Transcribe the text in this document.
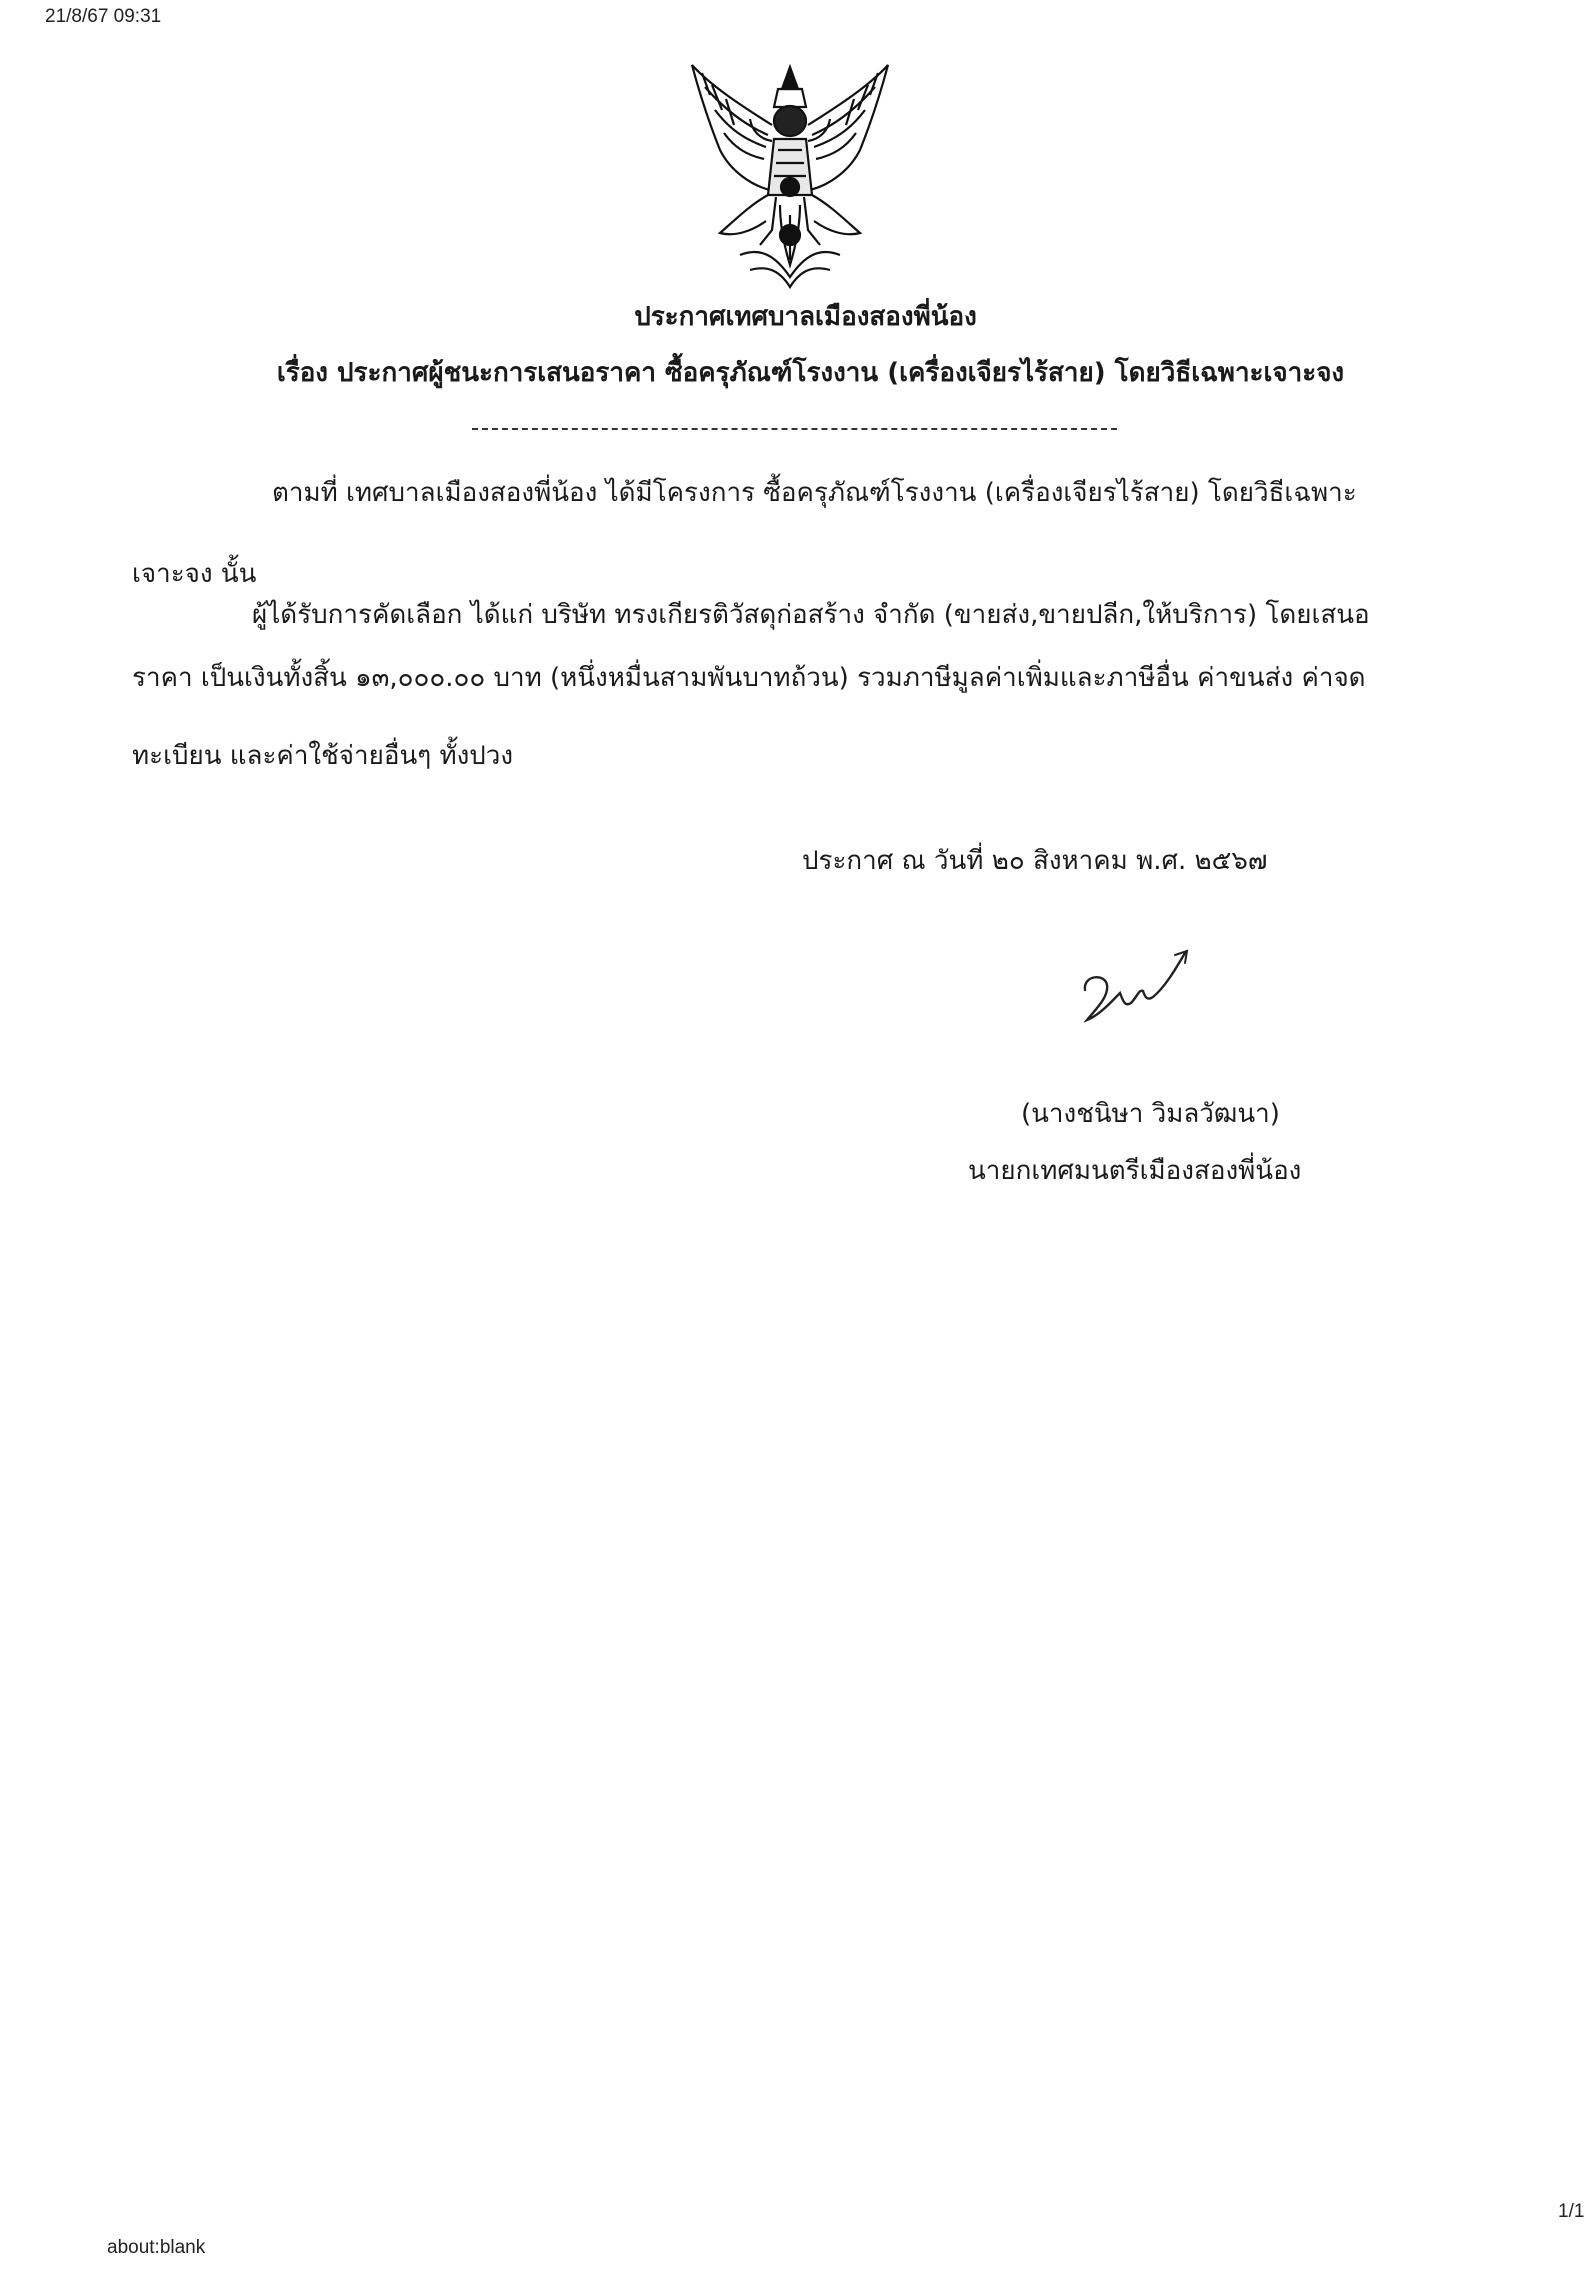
21/8/67 09:31
ประกาศเทศบาลเมืองสองพี่น้อง
เรื่อง ประกาศผู้ชนะการเสนอราคา ซื้อครุภัณฑ์โรงงาน (เครื่องเจียรไร้สาย) โดยวิธีเฉพาะเจาะจง
ตามที่ เทศบาลเมืองสองพี่น้อง ได้มีโครงการ ซื้อครุภัณฑ์โรงงาน (เครื่องเจียรไร้สาย) โดยวิธีเฉพาะ
เจาะจง นั้น
ผู้ได้รับการคัดเลือก ได้แก่ บริษัท ทรงเกียรติวัสดุก่อสร้าง จำกัด (ขายส่ง,ขายปลีก,ให้บริการ) โดยเสนอ
ราคา เป็นเงินทั้งสิ้น ๑๓,๐๐๐.๐๐ บาท (หนึ่งหมื่นสามพันบาทถ้วน) รวมภาษีมูลค่าเพิ่มและภาษีอื่น ค่าขนส่ง ค่าจด
ทะเบียน และค่าใช้จ่ายอื่นๆ ทั้งปวง
ประกาศ ณ วันที่ ๒๐ สิงหาคม พ.ศ. ๒๕๖๗
(นางชนิษา วิมลวัฒนา)
นายกเทศมนตรีเมืองสองพี่น้อง
1/1
about:blank
